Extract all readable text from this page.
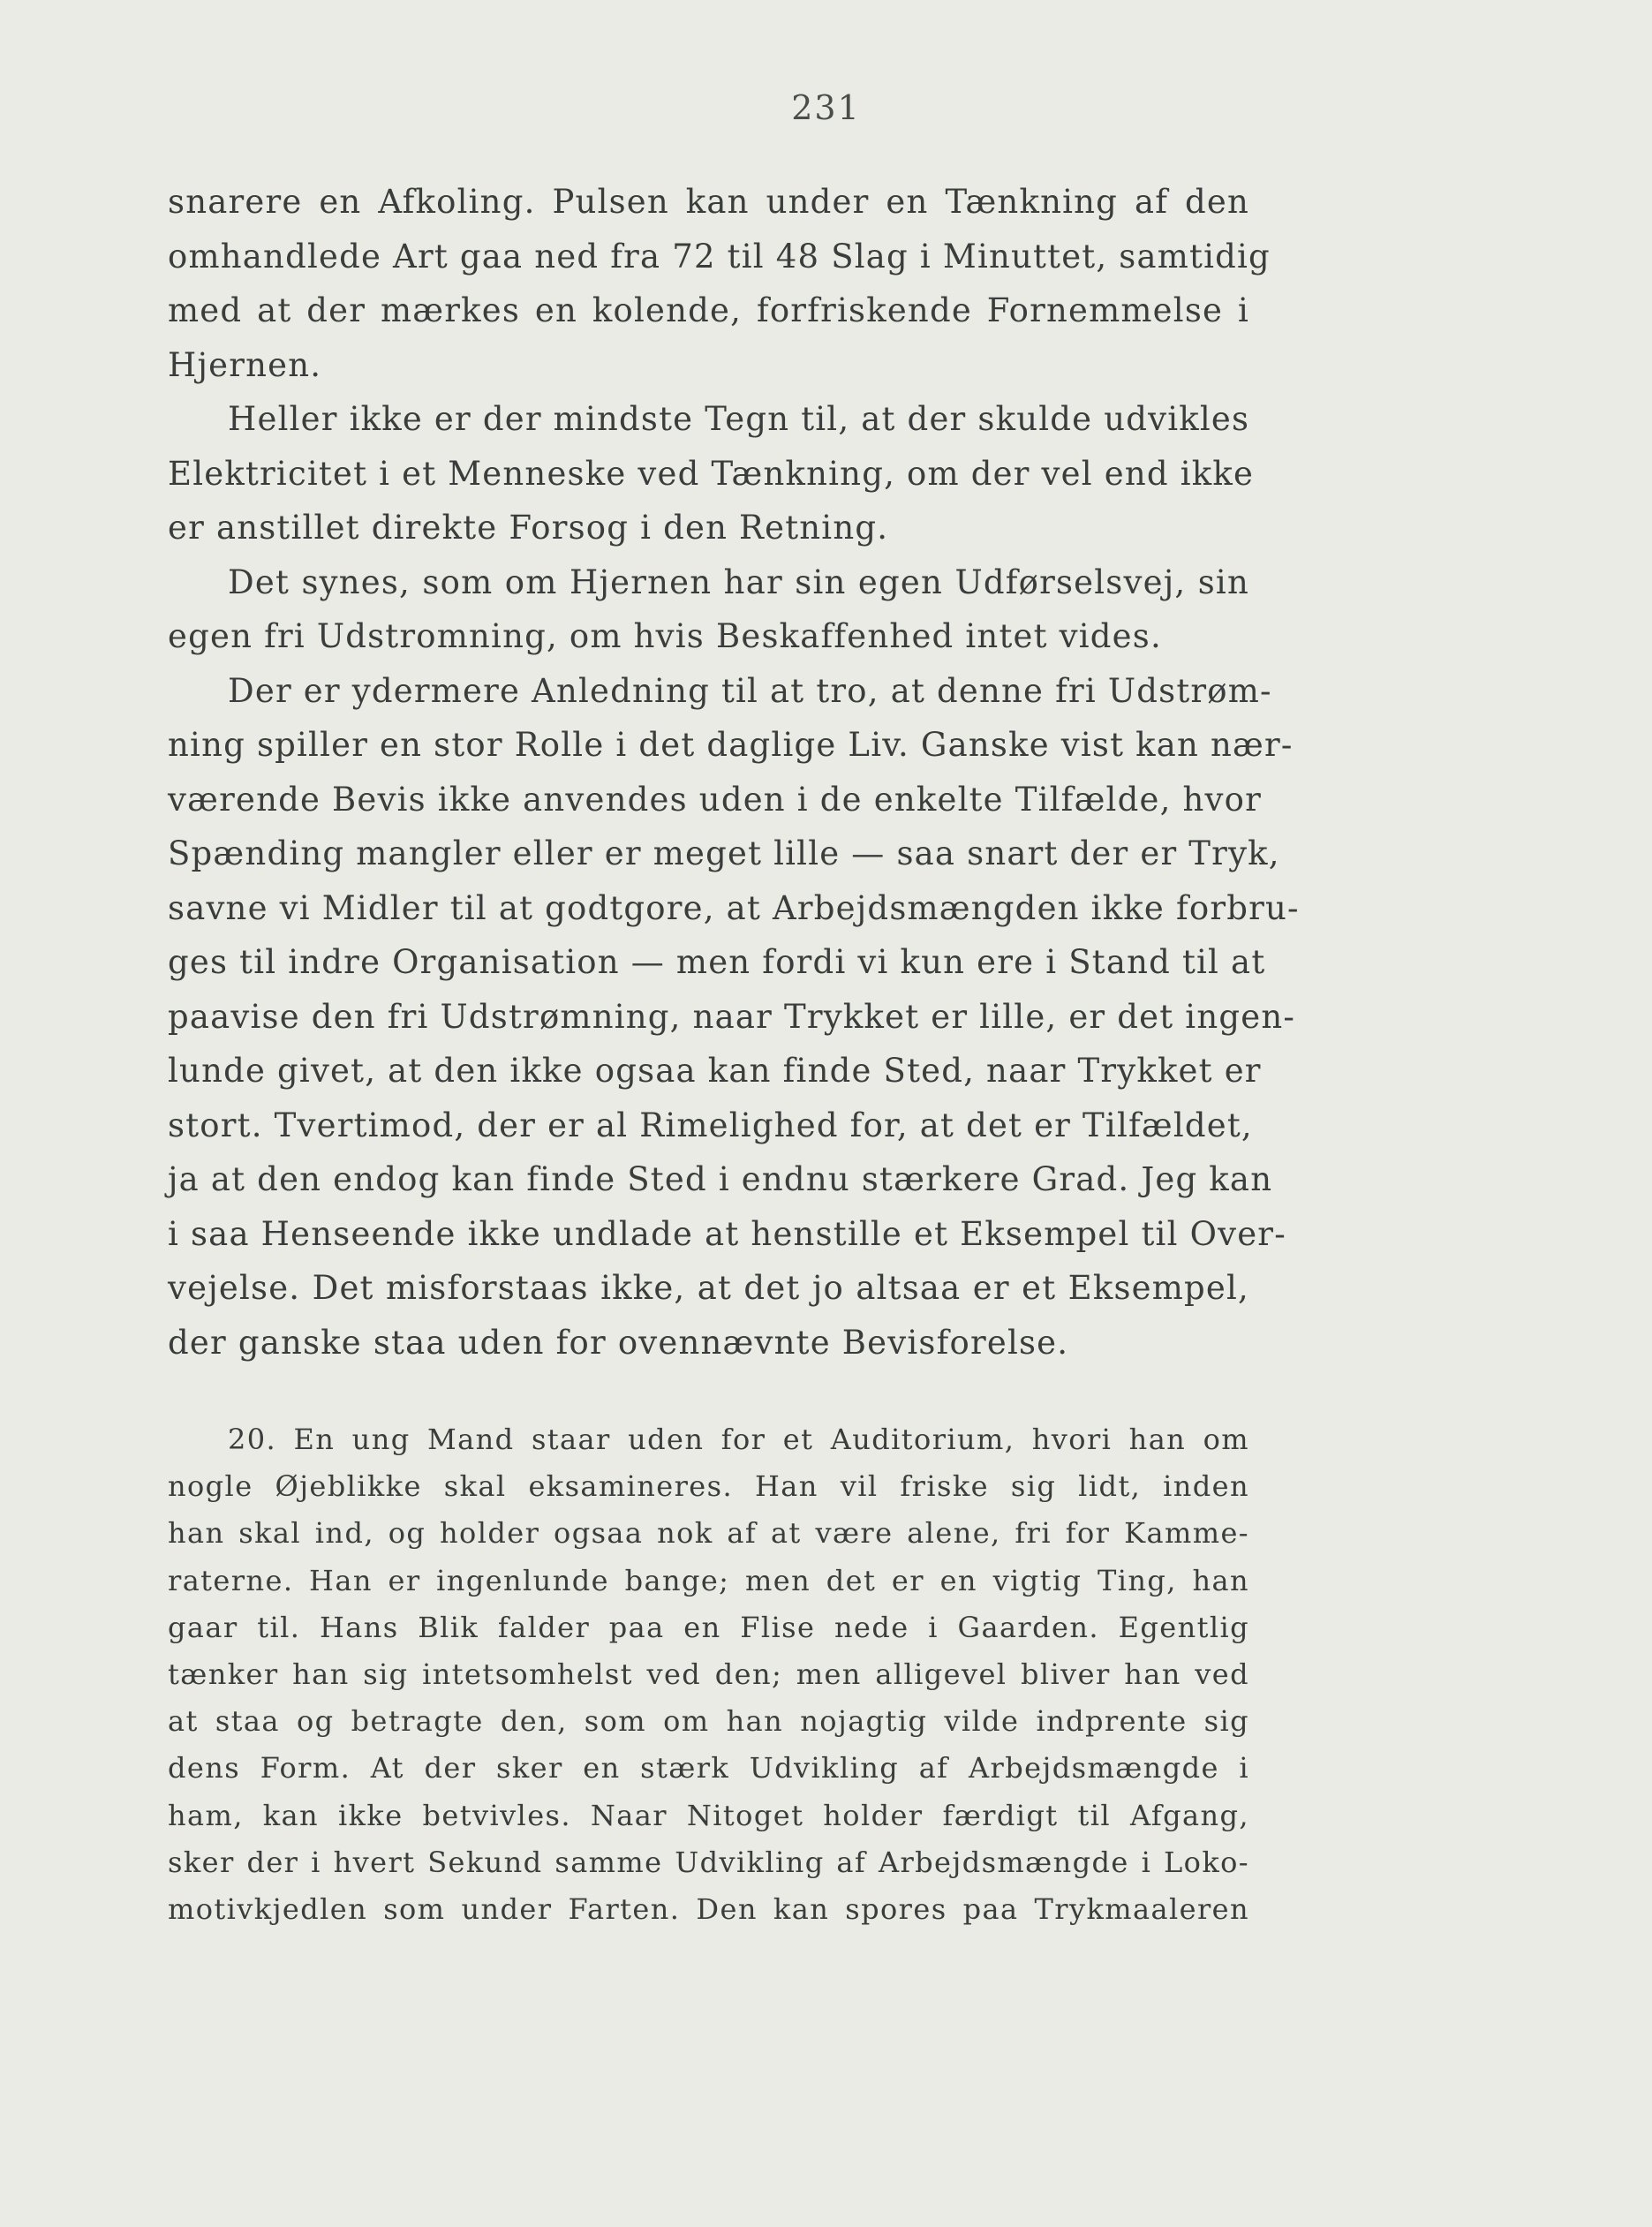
231
snarere en Afkoling. Pulsen kan under en Tænkning af den
omhandlede Art gaa ned fra 72 til 48 Slag i Minuttet, samtidig
med at der mærkes en kolende, forfriskende Fornemmelse i
Hjernen.
Heller ikke er der mindste Tegn til, at der skulde udvikles
Elektricitet i et Menneske ved Tænkning, om der vel end ikke
er anstillet direkte Forsog i den Retning.
Det synes, som om Hjernen har sin egen Udførselsvej, sin
egen fri Udstromning, om hvis Beskaffenhed intet vides.
Der er ydermere Anledning til at tro, at denne fri Udstrøm-
ning spiller en stor Rolle i det daglige Liv. Ganske vist kan nær-
værende Bevis ikke anvendes uden i de enkelte Tilfælde, hvor
Spænding mangler eller er meget lille — saa snart der er Tryk,
savne vi Midler til at godtgore, at Arbejdsmængden ikke forbru-
ges til indre Organisation — men fordi vi kun ere i Stand til at
paavise den fri Udstrømning, naar Trykket er lille, er det ingen-
lunde givet, at den ikke ogsaa kan finde Sted, naar Trykket er
stort. Tvertimod, der er al Rimelighed for, at det er Tilfældet,
ja at den endog kan finde Sted i endnu stærkere Grad. Jeg kan
i saa Henseende ikke undlade at henstille et Eksempel til Over-
vejelse. Det misforstaas ikke, at det jo altsaa er et Eksempel,
der ganske staa uden for ovennævnte Bevisforelse.
20. En ung Mand staar uden for et Auditorium, hvori han om
nogle Øjeblikke skal eksamineres. Han vil friske sig lidt, inden
han skal ind, og holder ogsaa nok af at være alene, fri for Kamme-
raterne. Han er ingenlunde bange; men det er en vigtig Ting, han
gaar til. Hans Blik falder paa en Flise nede i Gaarden. Egentlig
tænker han sig intetsomhelst ved den; men alligevel bliver han ved
at staa og betragte den, som om han nojagtig vilde indprente sig
dens Form. At der sker en stærk Udvikling af Arbejdsmængde i
ham, kan ikke betvivles. Naar Nitoget holder færdigt til Afgang,
sker der i hvert Sekund samme Udvikling af Arbejdsmængde i Loko-
motivkjedlen som under Farten. Den kan spores paa Trykmaaleren
